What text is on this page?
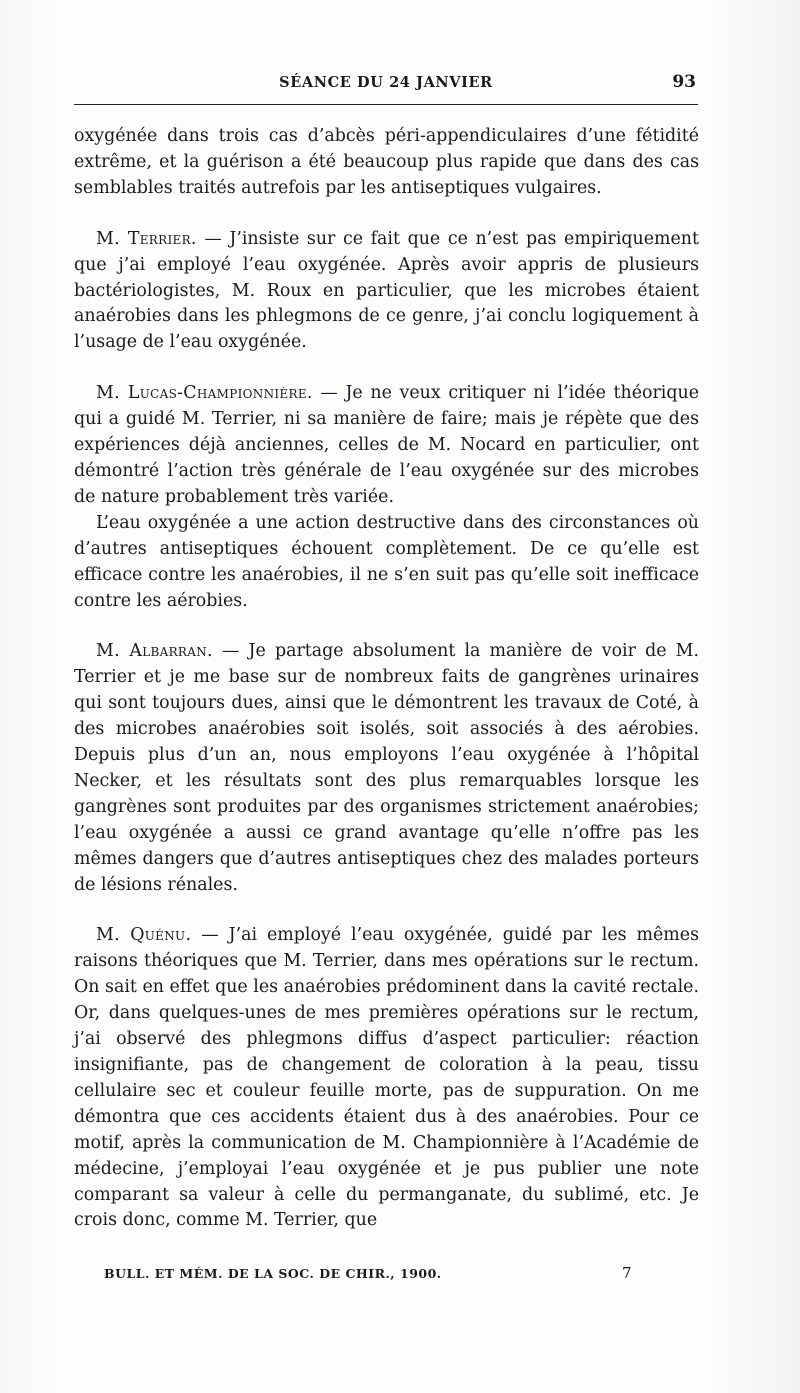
SÉANCE DU 24 JANVIER	93

oxygénée dans trois cas d’abcès péri-appendiculaires d’une fétidité extrême, et la guérison a été beaucoup plus rapide que dans des cas semblables traités autrefois par les antiseptiques vulgaires.

M. Terrier. — J’insiste sur ce fait que ce n’est pas empiriquement que j’ai employé l’eau oxygénée. Après avoir appris de plusieurs bactériologistes, M. Roux en particulier, que les microbes étaient anaérobies dans les phlegmons de ce genre, j’ai conclu logiquement à l’usage de l’eau oxygénée.

M. Lucas-Championnière. — Je ne veux critiquer ni l’idée théorique qui a guidé M. Terrier, ni sa manière de faire; mais je répète que des expériences déjà anciennes, celles de M. Nocard en particulier, ont démontré l’action très générale de l’eau oxygénée sur des microbes de nature probablement très variée.

L’eau oxygénée a une action destructive dans des circonstances où d’autres antiseptiques échouent complètement. De ce qu’elle est efficace contre les anaérobies, il ne s’en suit pas qu’elle soit inefficace contre les aérobies.

M. Albarran. — Je partage absolument la manière de voir de M. Terrier et je me base sur de nombreux faits de gangrènes urinaires qui sont toujours dues, ainsi que le démontrent les travaux de Coté, à des microbes anaérobies soit isolés, soit associés à des aérobies. Depuis plus d’un an, nous employons l’eau oxygénée à l’hôpital Necker, et les résultats sont des plus remarquables lorsque les gangrènes sont produites par des organismes strictement anaérobies; l’eau oxygénée a aussi ce grand avantage qu’elle n’offre pas les mêmes dangers que d’autres antiseptiques chez des malades porteurs de lésions rénales.

M. Quénu. — J’ai employé l’eau oxygénée, guidé par les mêmes raisons théoriques que M. Terrier, dans mes opérations sur le rectum. On sait en effet que les anaérobies prédominent dans la cavité rectale. Or, dans quelques-unes de mes premières opérations sur le rectum, j’ai observé des phlegmons diffus d’aspect particulier: réaction insignifiante, pas de changement de coloration à la peau, tissu cellulaire sec et couleur feuille morte, pas de suppuration. On me démontra que ces accidents étaient dus à des anaérobies. Pour ce motif, après la communication de M. Championnière à l’Académie de médecine, j’employai l’eau oxygénée et je pus publier une note comparant sa valeur à celle du permanganate, du sublimé, etc. Je crois donc, comme M. Terrier, que

BULL. ET MÉM. DE LA SOC. DE CHIR., 1900.	7
